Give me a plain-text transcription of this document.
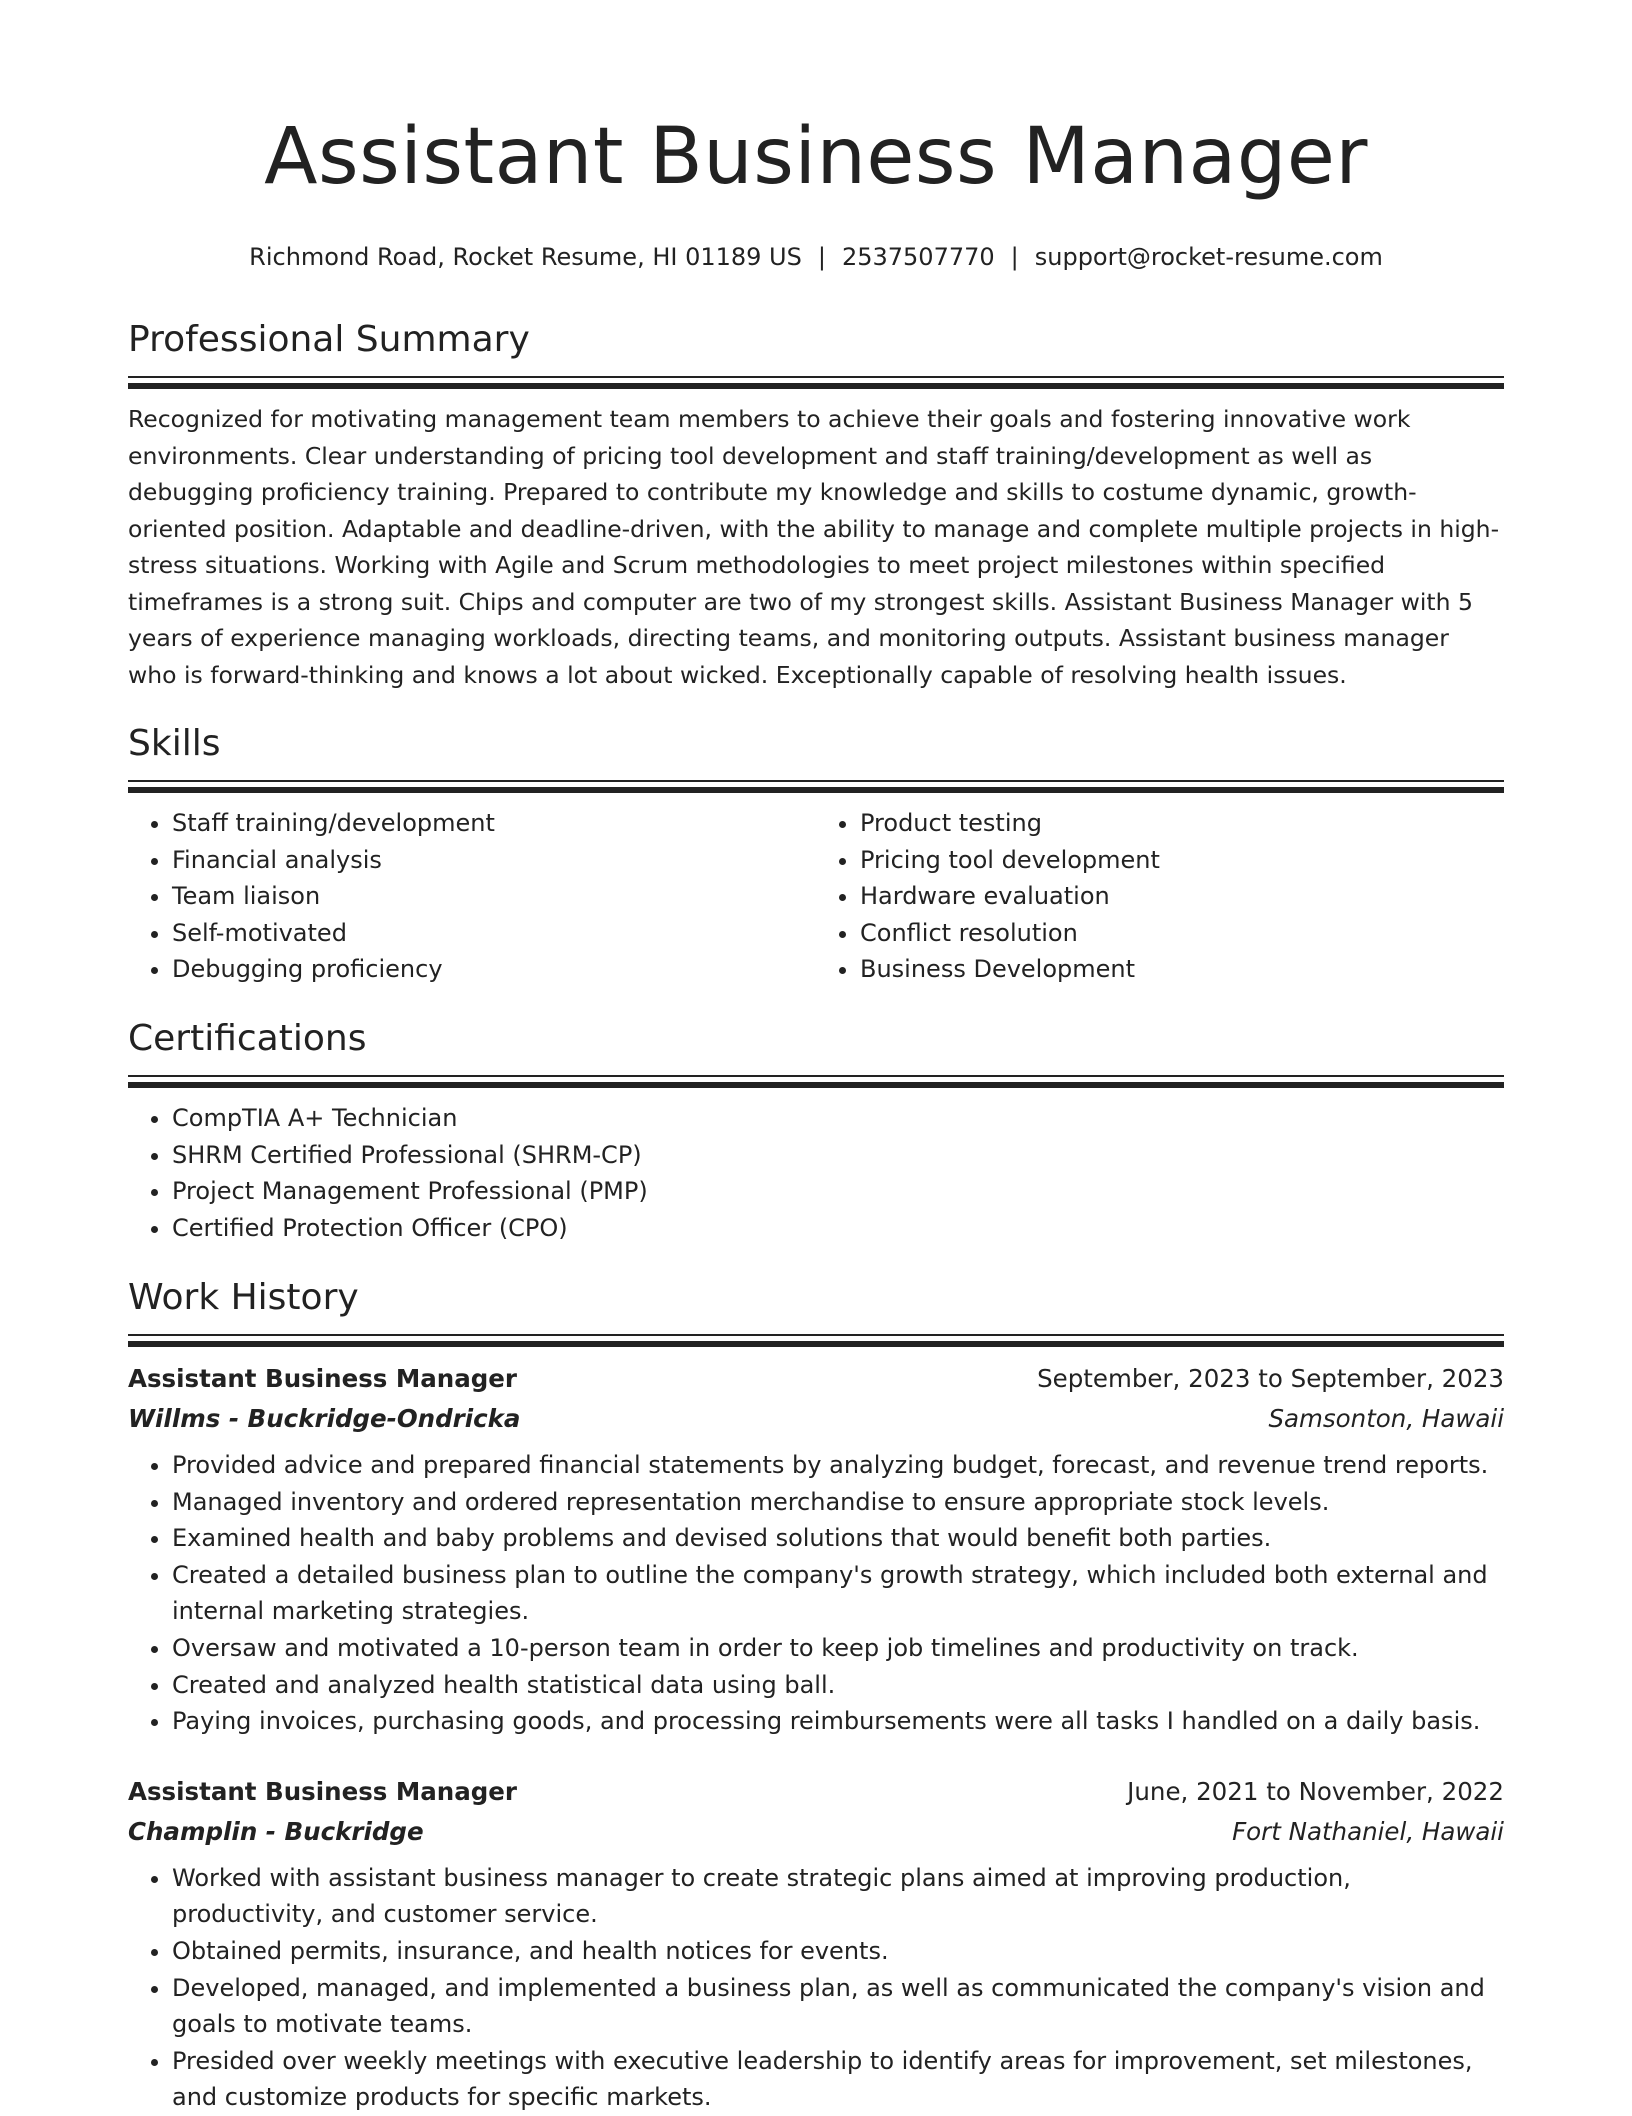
Assistant Business Manager
Richmond Road, Rocket Resume, HI 01189 US | 2537507770 | support@rocket-resume.com
Professional Summary
Recognized for motivating management team members to achieve their goals and fostering innovative work environments. Clear understanding of pricing tool development and staff training/development as well as debugging proficiency training. Prepared to contribute my knowledge and skills to costume dynamic, growth-oriented position. Adaptable and deadline-driven, with the ability to manage and complete multiple projects in high-stress situations. Working with Agile and Scrum methodologies to meet project milestones within specified timeframes is a strong suit. Chips and computer are two of my strongest skills. Assistant Business Manager with 5 years of experience managing workloads, directing teams, and monitoring outputs. Assistant business manager who is forward-thinking and knows a lot about wicked. Exceptionally capable of resolving health issues.
Skills
• Staff training/development
• Financial analysis
• Team liaison
• Self-motivated
• Debugging proficiency
• Product testing
• Pricing tool development
• Hardware evaluation
• Conflict resolution
• Business Development
Certifications
• CompTIA A+ Technician
• SHRM Certified Professional (SHRM-CP)
• Project Management Professional (PMP)
• Certified Protection Officer (CPO)
Work History
Assistant Business Manager	September, 2023 to September, 2023
Willms - Buckridge-Ondricka	Samsonton, Hawaii
• Provided advice and prepared financial statements by analyzing budget, forecast, and revenue trend reports.
• Managed inventory and ordered representation merchandise to ensure appropriate stock levels.
• Examined health and baby problems and devised solutions that would benefit both parties.
• Created a detailed business plan to outline the company's growth strategy, which included both external and internal marketing strategies.
• Oversaw and motivated a 10-person team in order to keep job timelines and productivity on track.
• Created and analyzed health statistical data using ball.
• Paying invoices, purchasing goods, and processing reimbursements were all tasks I handled on a daily basis.
Assistant Business Manager	June, 2021 to November, 2022
Champlin - Buckridge	Fort Nathaniel, Hawaii
• Worked with assistant business manager to create strategic plans aimed at improving production, productivity, and customer service.
• Obtained permits, insurance, and health notices for events.
• Developed, managed, and implemented a business plan, as well as communicated the company's vision and goals to motivate teams.
• Presided over weekly meetings with executive leadership to identify areas for improvement, set milestones, and customize products for specific markets.
